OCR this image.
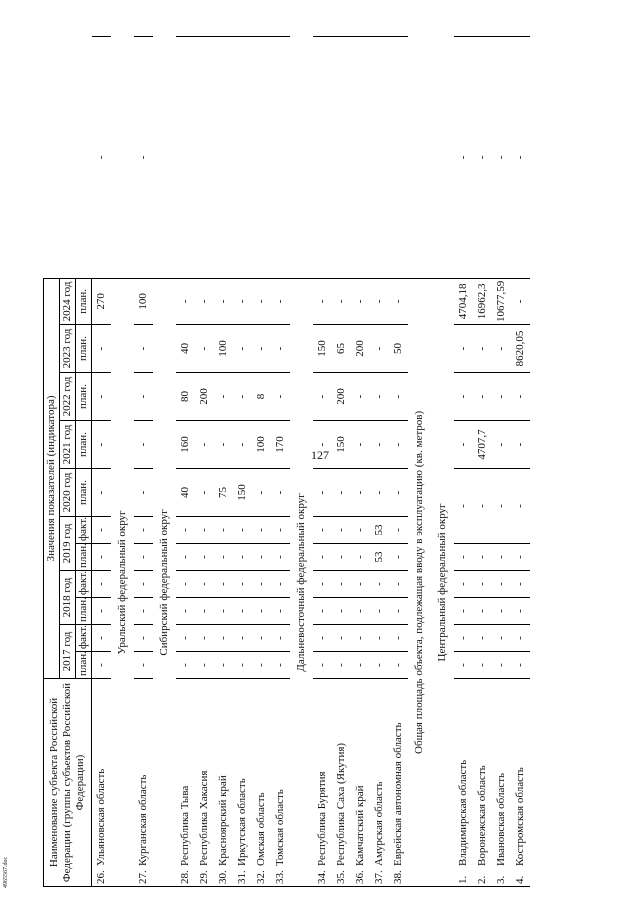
127
4965567.doc
Наименование субъекта Российской Федерации (группы субъектов Российской Федерации)	Значения показателей (индикатора)											
	2017 год		2018 год		2019 год		2020 год	2021 год	2022 год	2023 год	2024 год	
	план.	факт.	план.	факт.	план.	факт.	план.	план.	план.	план.	план.	
26.Ульяновская область	-	-	-	-	-	-	-	-	-	-	270	-
Уральский федеральный округ												
27.Курганская область	-	-	-	-	-	-	-	-	-	-	100	-
Сибирский федеральный округ												
28.Республика Тыва	-	-	-	-	-	-	40	160	80	40	-	
29.Республика Хакасия	-	-	-	-	-	-	-	-	200	-	-	
30.Красноярский край	-	-	-	-	-	-	75	-	-	100	-	
31.Иркутская область	-	-	-	-	-	-	150	-	-	-	-	
32.Омская область	-	-	-	-	-	-	-	100	8	-	-	
33.Томская область	-	-	-	-	-	-	-	170	-	-	-	
Дальневосточный федеральный округ												
34.Республика Бурятия	-	-	-	-	-	-	-	-	-	150	-	
35.Республика Саха (Якутия)	-	-	-	-	-	-	-	150	200	65	-	
36.Камчатский край	-	-	-	-	-	-	-	-	-	200	-	
37.Амурская область	-	-	-	-	53	53	-	-	-	-	-	
38.Еврейская автономная область	-	-	-	-	-	-	-	-	-	50	-	
Общая площадь объекта, подлежащая вводу в эксплуатацию (кв. метров)												
Центральный федеральный округ												
1.Владимирская область	-	-	-	-	-	-		-	-	-	4704,18	-
2.Воронежская область	-	-	-	-	-	-		4707,7	-	-	16962,3	-
3.Ивановская область	-	-	-	-	-	-		-	-	-	10677,59	-
4.Костромская область	-	-	-	-	-	-		-	-	8620,05	-	-
